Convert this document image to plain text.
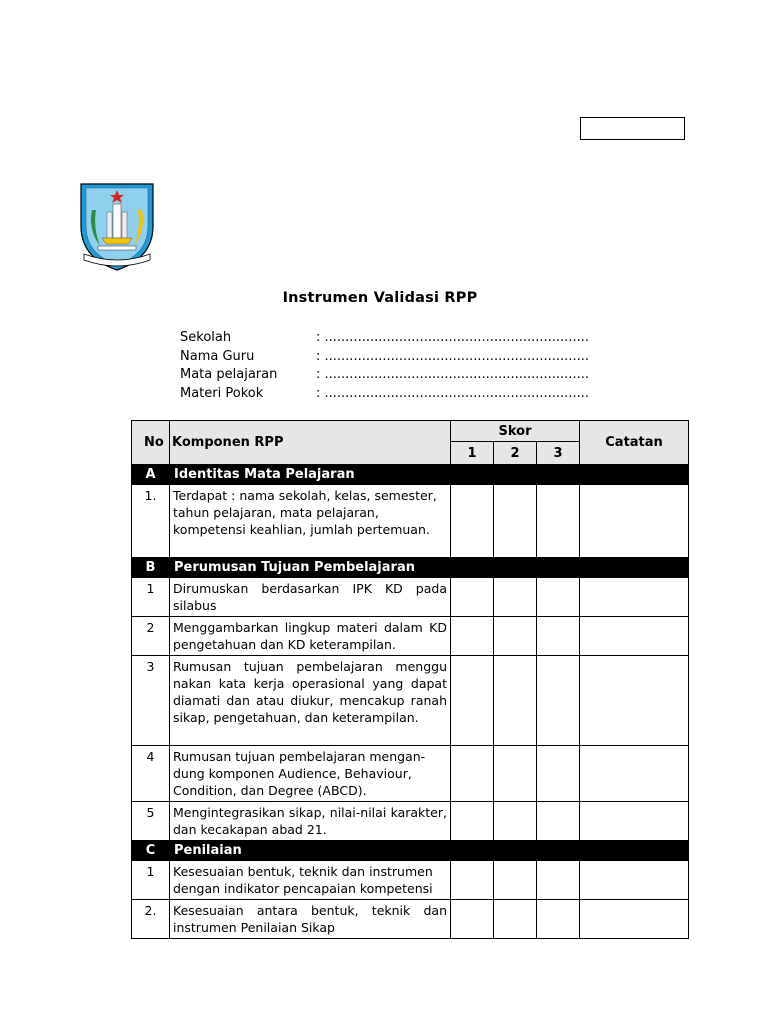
Instrumen Validasi RPP
Sekolah	: ................................................................
Nama Guru	: ................................................................
Mata pelajaran	: ................................................................
Materi Pokok	: ................................................................
No	Komponen RPP	Skor			Catatan
		1	2	3	
A	Identitas Mata Pelajaran				
1.	Terdapat : nama sekolah, kelas, semester, tahun pelajaran, mata pelajaran, kompetensi keahlian, jumlah pertemuan.				
B	Perumusan Tujuan Pembelajaran				
1	Dirumuskan berdasarkan IPK KD pada silabus				
2	Menggambarkan lingkup materi dalam KD pengetahuan dan KD keterampilan.				
3	Rumusan tujuan pembelajaran menggu nakan kata kerja operasional yang dapat diamati dan atau diukur, mencakup ranah sikap, pengetahuan, dan keterampilan.				
4	Rumusan tujuan pembelajaran mengan-dung komponen Audience, Behaviour, Condition, dan Degree (ABCD).				
5	Mengintegrasikan sikap, nilai-nilai karakter, dan kecakapan abad 21.				
C	Penilaian				
1	Kesesuaian bentuk, teknik dan instrumen dengan indikator pencapaian kompetensi				
2.	Kesesuaian antara bentuk, teknik dan instrumen Penilaian Sikap				
